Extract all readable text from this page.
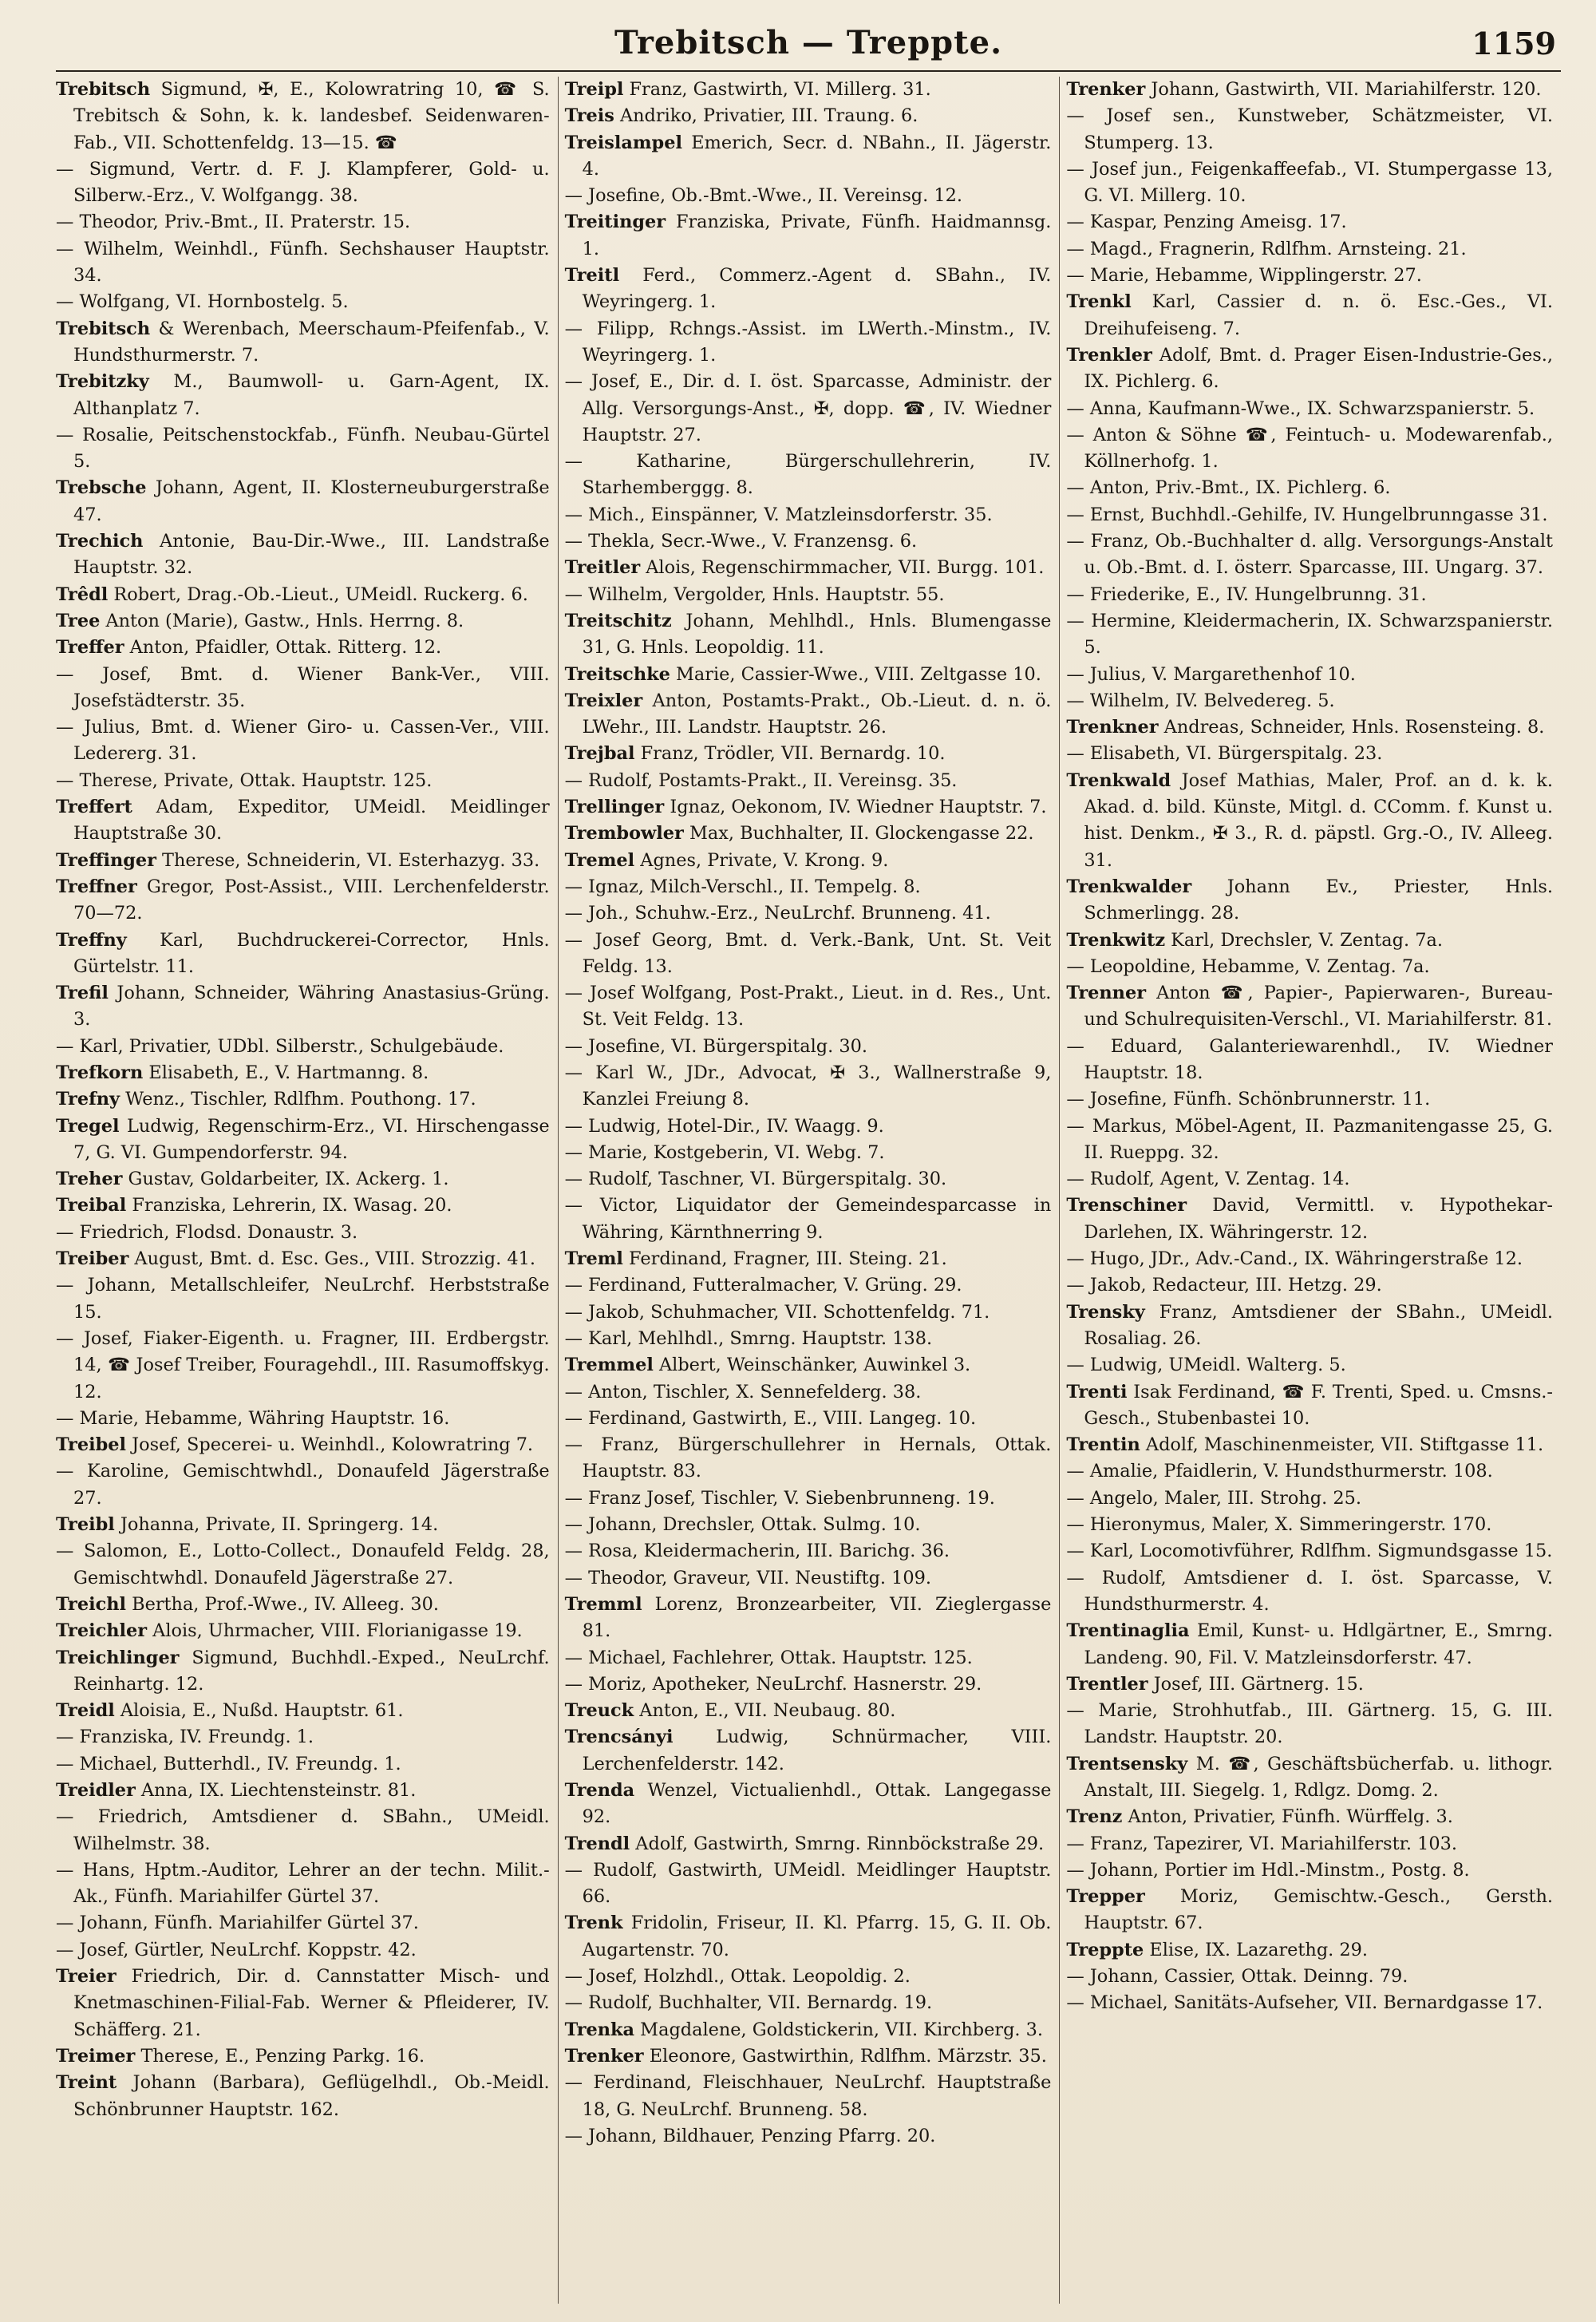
Trebitsch — Treppte.	1159
Trebitsch Sigmund, ✠, E., Kolowratring 10, ☎ S. Trebitsch & Sohn, k. k. landesbef. Seidenwaren-Fab., VII. Schottenfeldg. 13—15. ☎
— Sigmund, Vertr. d. F. J. Klampferer, Gold- u. Silberw.-Erz., V. Wolfgangg. 38.
— Theodor, Priv.-Bmt., II. Praterstr. 15.
— Wilhelm, Weinhdl., Fünfh. Sechshauser Hauptstr. 34.
— Wolfgang, VI. Hornbostelg. 5.
Trebitsch & Werenbach, Meerschaum-Pfeifenfab., V. Hundsthurmerstr. 7.
Trebitzky M., Baumwoll- u. Garn-Agent, IX. Althanplatz 7.
— Rosalie, Peitschenstockfab., Fünfh. Neubau-Gürtel 5.
Trebsche Johann, Agent, II. Klosterneuburgerstraße 47.
Trechich Antonie, Bau-Dir.-Wwe., III. Landstraße Hauptstr. 32.
Trêdl Robert, Drag.-Ob.-Lieut., UMeidl. Ruckerg. 6.
Tree Anton (Marie), Gastw., Hnls. Herrng. 8.
Treffer Anton, Pfaidler, Ottak. Ritterg. 12.
— Josef, Bmt. d. Wiener Bank-Ver., VIII. Josefstädterstr. 35.
— Julius, Bmt. d. Wiener Giro- u. Cassen-Ver., VIII. Ledererg. 31.
— Therese, Private, Ottak. Hauptstr. 125.
Treffert Adam, Expeditor, UMeidl. Meidlinger Hauptstraße 30.
Treffinger Therese, Schneiderin, VI. Esterhazyg. 33.
Treffner Gregor, Post-Assist., VIII. Lerchenfelderstr. 70—72.
Treffny Karl, Buchdruckerei-Corrector, Hnls. Gürtelstr. 11.
Trefil Johann, Schneider, Währing Anastasius-Grüng. 3.
— Karl, Privatier, UDbl. Silberstr., Schulgebäude.
Trefkorn Elisabeth, E., V. Hartmanng. 8.
Trefny Wenz., Tischler, Rdlfhm. Pouthong. 17.
Tregel Ludwig, Regenschirm-Erz., VI. Hirschengasse 7, G. VI. Gumpendorferstr. 94.
Treher Gustav, Goldarbeiter, IX. Ackerg. 1.
Treibal Franziska, Lehrerin, IX. Wasag. 20.
— Friedrich, Flodsd. Donaustr. 3.
Treiber August, Bmt. d. Esc. Ges., VIII. Strozzig. 41.
— Johann, Metallschleifer, NeuLrchf. Herbststraße 15.
— Josef, Fiaker-Eigenth. u. Fragner, III. Erdbergstr. 14, ☎ Josef Treiber, Fouragehdl., III. Rasumoffskyg. 12.
— Marie, Hebamme, Währing Hauptstr. 16.
Treibel Josef, Specerei- u. Weinhdl., Kolowratring 7.
— Karoline, Gemischtwhdl., Donaufeld Jägerstraße 27.
Treibl Johanna, Private, II. Springerg. 14.
— Salomon, E., Lotto-Collect., Donaufeld Feldg. 28, Gemischtwhdl. Donaufeld Jägerstraße 27.
Treichl Bertha, Prof.-Wwe., IV. Alleeg. 30.
Treichler Alois, Uhrmacher, VIII. Florianigasse 19.
Treichlinger Sigmund, Buchhdl.-Exped., NeuLrchf. Reinhartg. 12.
Treidl Aloisia, E., Nußd. Hauptstr. 61.
— Franziska, IV. Freundg. 1.
— Michael, Butterhdl., IV. Freundg. 1.
Treidler Anna, IX. Liechtensteinstr. 81.
— Friedrich, Amtsdiener d. SBahn., UMeidl. Wilhelmstr. 38.
— Hans, Hptm.-Auditor, Lehrer an der techn. Milit.-Ak., Fünfh. Mariahilfer Gürtel 37.
— Johann, Fünfh. Mariahilfer Gürtel 37.
— Josef, Gürtler, NeuLrchf. Koppstr. 42.
Treier Friedrich, Dir. d. Cannstatter Misch- und Knetmaschinen-Filial-Fab. Werner & Pfleiderer, IV. Schäfferg. 21.
Treimer Therese, E., Penzing Parkg. 16.
Treint Johann (Barbara), Geflügelhdl., Ob.-Meidl. Schönbrunner Hauptstr. 162.
Treipl Franz, Gastwirth, VI. Millerg. 31.
Treis Andriko, Privatier, III. Traung. 6.
Treislampel Emerich, Secr. d. NBahn., II. Jägerstr. 4.
— Josefine, Ob.-Bmt.-Wwe., II. Vereinsg. 12.
Treitinger Franziska, Private, Fünfh. Haidmannsg. 1.
Treitl Ferd., Commerz.-Agent d. SBahn., IV. Weyringerg. 1.
— Filipp, Rchngs.-Assist. im LWerth.-Minstm., IV. Weyringerg. 1.
— Josef, E., Dir. d. I. öst. Sparcasse, Administr. der Allg. Versorgungs-Anst., ✠, dopp. ☎, IV. Wiedner Hauptstr. 27.
— Katharine, Bürgerschullehrerin, IV. Starhemberggg. 8.
— Mich., Einspänner, V. Matzleinsdorferstr. 35.
— Thekla, Secr.-Wwe., V. Franzensg. 6.
Treitler Alois, Regenschirmmacher, VII. Burgg. 101.
— Wilhelm, Vergolder, Hnls. Hauptstr. 55.
Treitschitz Johann, Mehlhdl., Hnls. Blumengasse 31, G. Hnls. Leopoldig. 11.
Treitschke Marie, Cassier-Wwe., VIII. Zeltgasse 10.
Treixler Anton, Postamts-Prakt., Ob.-Lieut. d. n. ö. LWehr., III. Landstr. Hauptstr. 26.
Trejbal Franz, Trödler, VII. Bernardg. 10.
— Rudolf, Postamts-Prakt., II. Vereinsg. 35.
Trellinger Ignaz, Oekonom, IV. Wiedner Hauptstr. 7.
Trembowler Max, Buchhalter, II. Glockengasse 22.
Tremel Agnes, Private, V. Krong. 9.
— Ignaz, Milch-Verschl., II. Tempelg. 8.
— Joh., Schuhw.-Erz., NeuLrchf. Brunneng. 41.
— Josef Georg, Bmt. d. Verk.-Bank, Unt. St. Veit Feldg. 13.
— Josef Wolfgang, Post-Prakt., Lieut. in d. Res., Unt. St. Veit Feldg. 13.
— Josefine, VI. Bürgerspitalg. 30.
— Karl W., JDr., Advocat, ✠ 3., Wallnerstraße 9, Kanzlei Freiung 8.
— Ludwig, Hotel-Dir., IV. Waagg. 9.
— Marie, Kostgeberin, VI. Webg. 7.
— Rudolf, Taschner, VI. Bürgerspitalg. 30.
— Victor, Liquidator der Gemeindesparcasse in Währing, Kärnthnerring 9.
Treml Ferdinand, Fragner, III. Steing. 21.
— Ferdinand, Futteralmacher, V. Grüng. 29.
— Jakob, Schuhmacher, VII. Schottenfeldg. 71.
— Karl, Mehlhdl., Smrng. Hauptstr. 138.
Tremmel Albert, Weinschänker, Auwinkel 3.
— Anton, Tischler, X. Sennefelderg. 38.
— Ferdinand, Gastwirth, E., VIII. Langeg. 10.
— Franz, Bürgerschullehrer in Hernals, Ottak. Hauptstr. 83.
— Franz Josef, Tischler, V. Siebenbrunneng. 19.
— Johann, Drechsler, Ottak. Sulmg. 10.
— Rosa, Kleidermacherin, III. Barichg. 36.
— Theodor, Graveur, VII. Neustiftg. 109.
Tremml Lorenz, Bronzearbeiter, VII. Zieglergasse 81.
— Michael, Fachlehrer, Ottak. Hauptstr. 125.
— Moriz, Apotheker, NeuLrchf. Hasnerstr. 29.
Treuck Anton, E., VII. Neubaug. 80.
Trencsányi Ludwig, Schnürmacher, VIII. Lerchenfelderstr. 142.
Trenda Wenzel, Victualienhdl., Ottak. Langegasse 92.
Trendl Adolf, Gastwirth, Smrng. Rinnböckstraße 29.
— Rudolf, Gastwirth, UMeidl. Meidlinger Hauptstr. 66.
Trenk Fridolin, Friseur, II. Kl. Pfarrg. 15, G. II. Ob. Augartenstr. 70.
— Josef, Holzhdl., Ottak. Leopoldig. 2.
— Rudolf, Buchhalter, VII. Bernardg. 19.
Trenka Magdalene, Goldstickerin, VII. Kirchberg. 3.
Trenker Eleonore, Gastwirthin, Rdlfhm. Märzstr. 35.
— Ferdinand, Fleischhauer, NeuLrchf. Hauptstraße 18, G. NeuLrchf. Brunneng. 58.
— Johann, Bildhauer, Penzing Pfarrg. 20.
Trenker Johann, Gastwirth, VII. Mariahilferstr. 120.
— Josef sen., Kunstweber, Schätzmeister, VI. Stumperg. 13.
— Josef jun., Feigenkaffeefab., VI. Stumpergasse 13, G. VI. Millerg. 10.
— Kaspar, Penzing Ameisg. 17.
— Magd., Fragnerin, Rdlfhm. Arnsteing. 21.
— Marie, Hebamme, Wipplingerstr. 27.
Trenkl Karl, Cassier d. n. ö. Esc.-Ges., VI. Dreihufeiseng. 7.
Trenkler Adolf, Bmt. d. Prager Eisen-Industrie-Ges., IX. Pichlerg. 6.
— Anna, Kaufmann-Wwe., IX. Schwarzspanierstr. 5.
— Anton & Söhne ☎, Feintuch- u. Modewarenfab., Köllnerhofg. 1.
— Anton, Priv.-Bmt., IX. Pichlerg. 6.
— Ernst, Buchhdl.-Gehilfe, IV. Hungelbrunngasse 31.
— Franz, Ob.-Buchhalter d. allg. Versorgungs-Anstalt u. Ob.-Bmt. d. I. österr. Sparcasse, III. Ungarg. 37.
— Friederike, E., IV. Hungelbrunng. 31.
— Hermine, Kleidermacherin, IX. Schwarzspanierstr. 5.
— Julius, V. Margarethenhof 10.
— Wilhelm, IV. Belvedereg. 5.
Trenkner Andreas, Schneider, Hnls. Rosensteing. 8.
— Elisabeth, VI. Bürgerspitalg. 23.
Trenkwald Josef Mathias, Maler, Prof. an d. k. k. Akad. d. bild. Künste, Mitgl. d. CComm. f. Kunst u. hist. Denkm., ✠ 3., R. d. päpstl. Grg.-O., IV. Alleeg. 31.
Trenkwalder Johann Ev., Priester, Hnls. Schmerlingg. 28.
Trenkwitz Karl, Drechsler, V. Zentag. 7a.
— Leopoldine, Hebamme, V. Zentag. 7a.
Trenner Anton ☎, Papier-, Papierwaren-, Bureau- und Schulrequisiten-Verschl., VI. Mariahilferstr. 81.
— Eduard, Galanteriewarenhdl., IV. Wiedner Hauptstr. 18.
— Josefine, Fünfh. Schönbrunnerstr. 11.
— Markus, Möbel-Agent, II. Pazmanitengasse 25, G. II. Rueppg. 32.
— Rudolf, Agent, V. Zentag. 14.
Trenschiner David, Vermittl. v. Hypothekar-Darlehen, IX. Währingerstr. 12.
— Hugo, JDr., Adv.-Cand., IX. Währingerstraße 12.
— Jakob, Redacteur, III. Hetzg. 29.
Trensky Franz, Amtsdiener der SBahn., UMeidl. Rosaliag. 26.
— Ludwig, UMeidl. Walterg. 5.
Trenti Isak Ferdinand, ☎ F. Trenti, Sped. u. Cmsns.-Gesch., Stubenbastei 10.
Trentin Adolf, Maschinenmeister, VII. Stiftgasse 11.
— Amalie, Pfaidlerin, V. Hundsthurmerstr. 108.
— Angelo, Maler, III. Strohg. 25.
— Hieronymus, Maler, X. Simmeringerstr. 170.
— Karl, Locomotivführer, Rdlfhm. Sigmundsgasse 15.
— Rudolf, Amtsdiener d. I. öst. Sparcasse, V. Hundsthurmerstr. 4.
Trentinaglia Emil, Kunst- u. Hdlgärtner, E., Smrng. Landeng. 90, Fil. V. Matzleinsdorferstr. 47.
Trentler Josef, III. Gärtnerg. 15.
— Marie, Strohhutfab., III. Gärtnerg. 15, G. III. Landstr. Hauptstr. 20.
Trentsensky M. ☎, Geschäftsbücherfab. u. lithogr. Anstalt, III. Siegelg. 1, Rdlgz. Domg. 2.
Trenz Anton, Privatier, Fünfh. Würffelg. 3.
— Franz, Tapezirer, VI. Mariahilferstr. 103.
— Johann, Portier im Hdl.-Minstm., Postg. 8.
Trepper Moriz, Gemischtw.-Gesch., Gersth. Hauptstr. 67.
Treppte Elise, IX. Lazarethg. 29.
— Johann, Cassier, Ottak. Deinng. 79.
— Michael, Sanitäts-Aufseher, VII. Bernardgasse 17.
